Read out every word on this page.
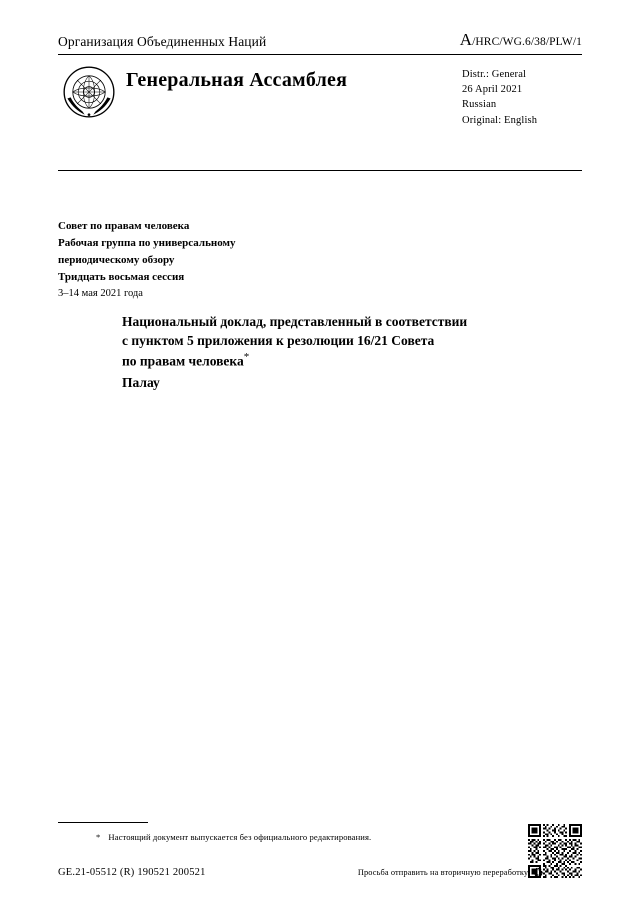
Организация Объединенных Наций	A/HRC/WG.6/38/PLW/1
Генеральная Ассамблея	Distr.: General
26 April 2021
Russian
Original: English
Совет по правам человека
Рабочая группа по универсальному
периодическому обзору
Тридцать восьмая сессия
3–14 мая 2021 года
Национальный доклад, представленный в соответствии
с пунктом 5 приложения к резолюции 16/21 Совета
по правам человека*
Палау
* Настоящий документ выпускается без официального редактирования.
GE.21-05512 (R) 190521 200521	Просьба отправить на вторичную переработку ♻
